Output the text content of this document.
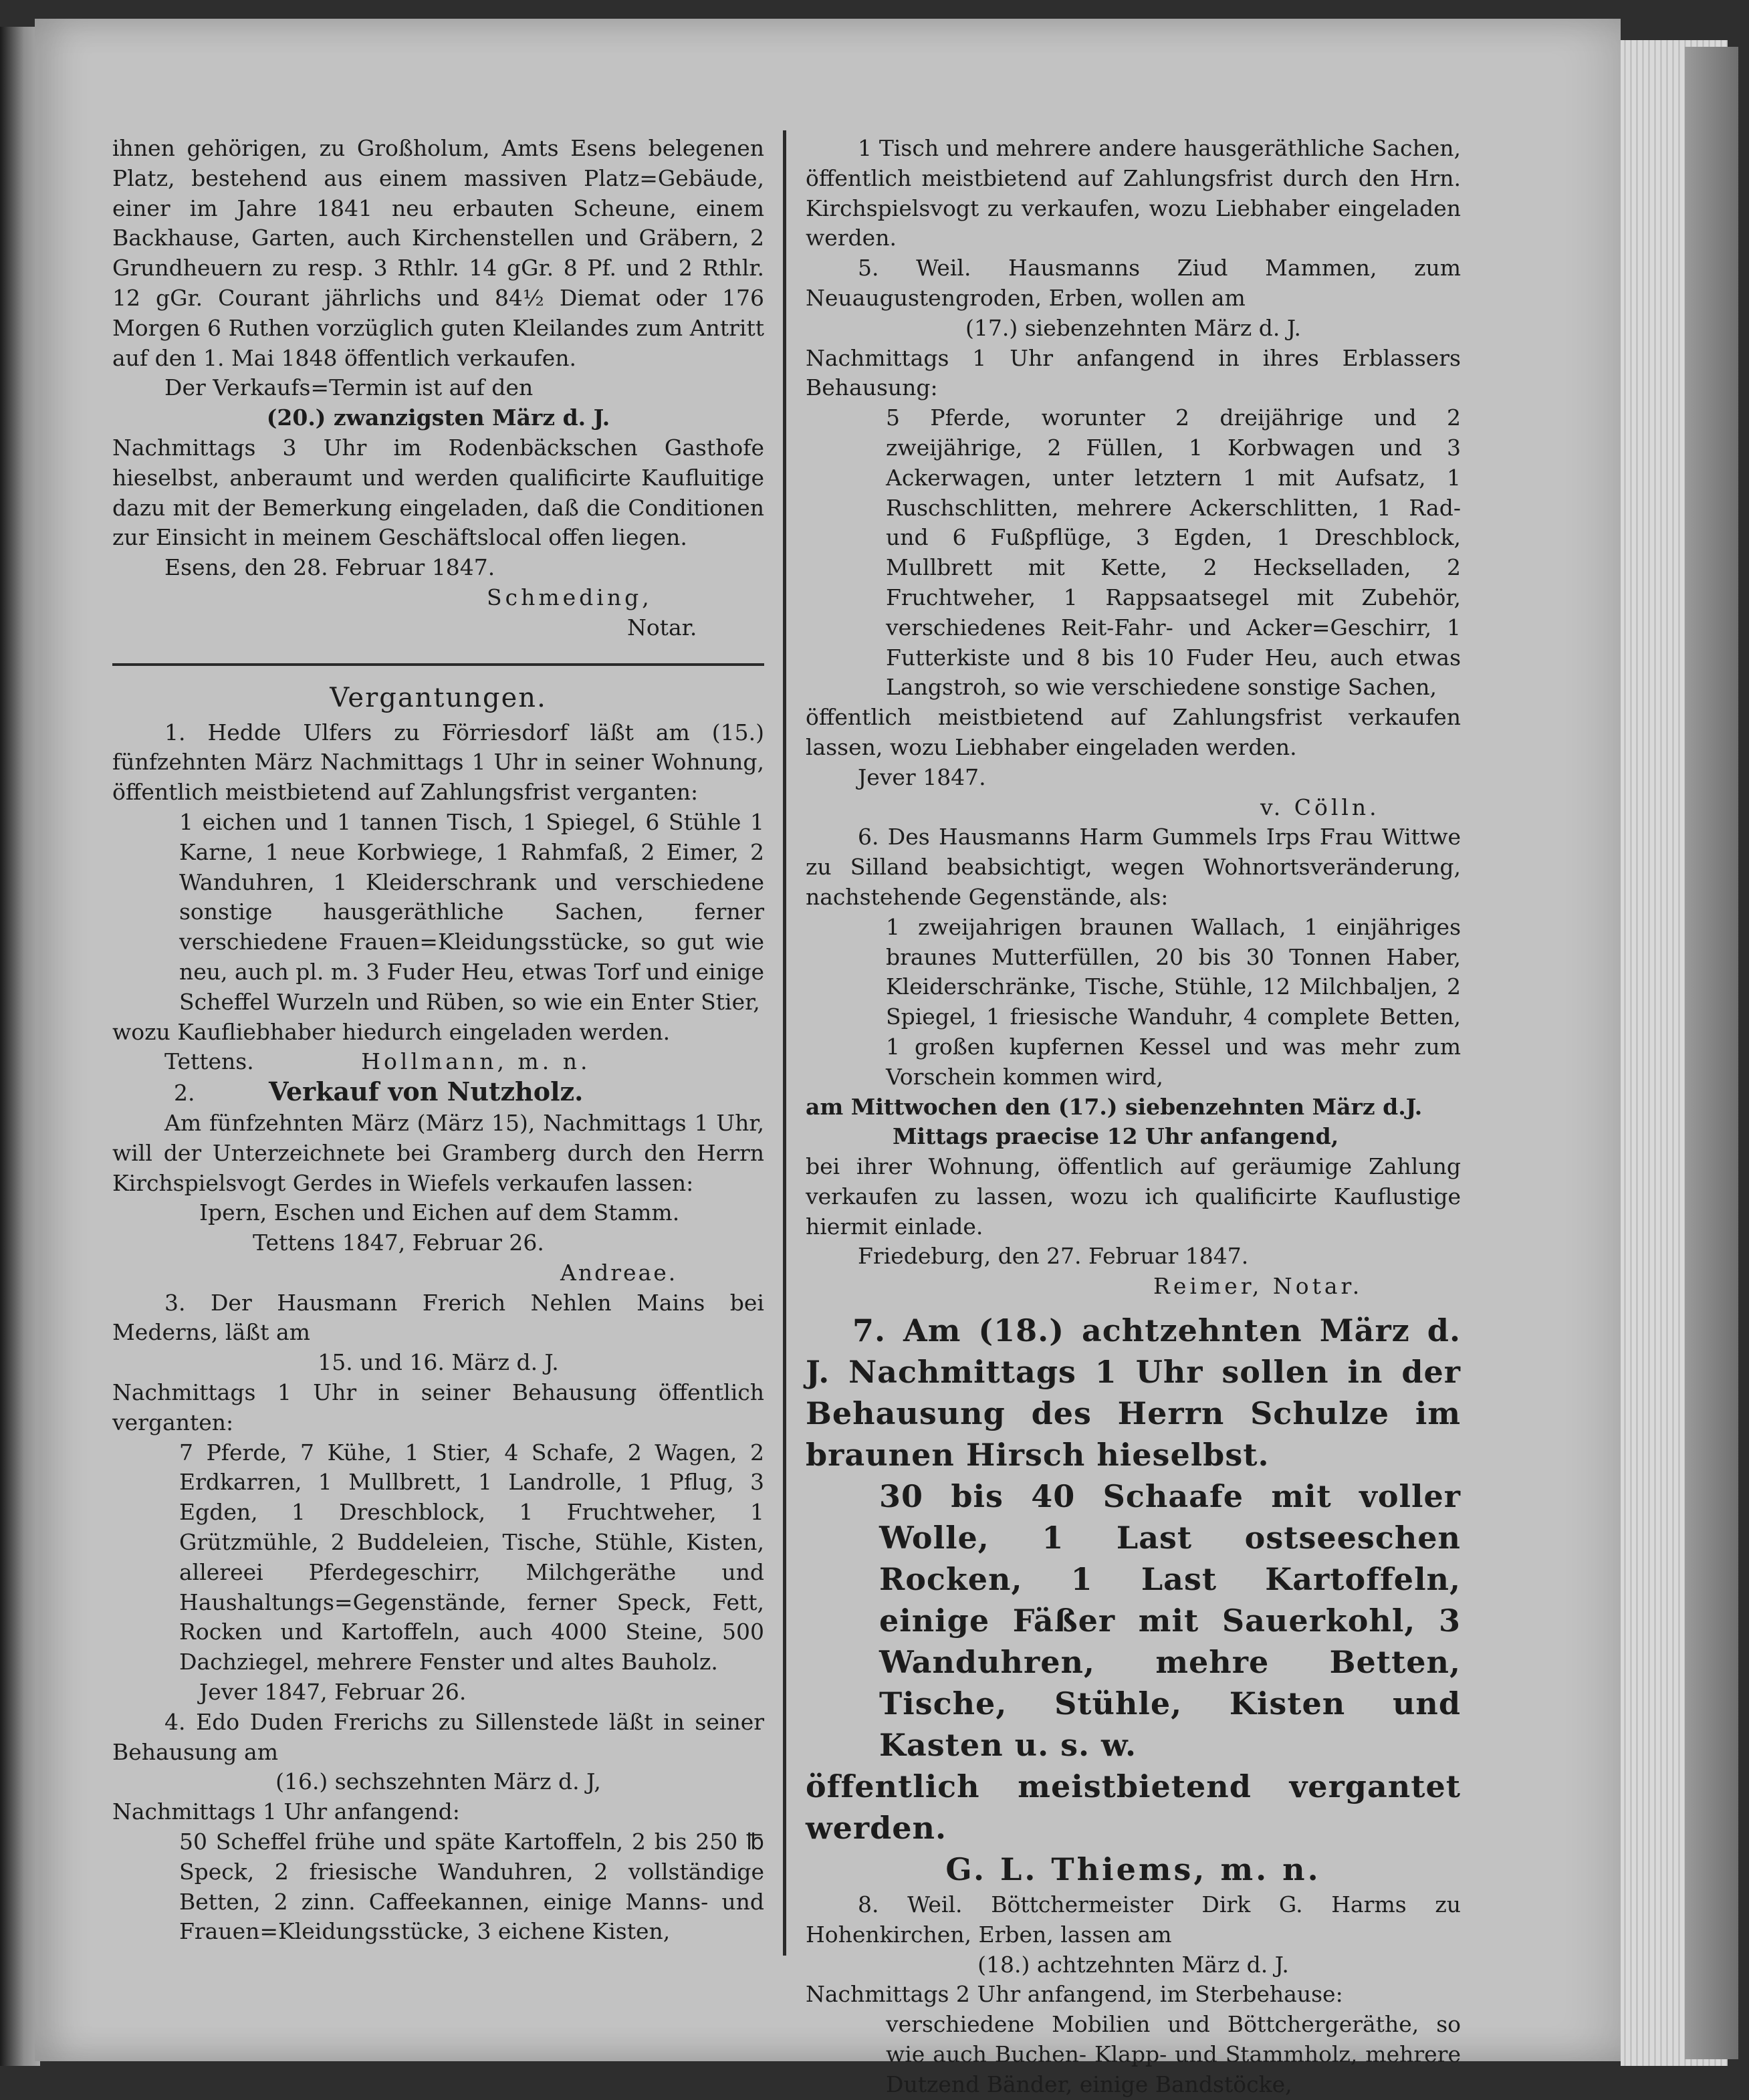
ihnen gehörigen, zu Großholum, Amts Esens belegenen Platz, bestehend aus einem massiven Platz=Gebäude, einer im Jahre 1841 neu erbauten Scheune, einem Backhause, Garten, auch Kirchenstellen und Gräbern, 2 Grundheuern zu resp. 3 Rthlr. 14 gGr. 8 Pf. und 2 Rthlr. 12 gGr. Courant jährlichs und 84½ Diemat oder 176 Morgen 6 Ruthen vorzüglich guten Kleilandes zum Antritt auf den 1. Mai 1848 öffentlich verkaufen.

Der Verkaufs=Termin ist auf den

(20.) zwanzigsten März d. J.

Nachmittags 3 Uhr im Rodenbäckschen Gasthofe hieselbst, anberaumt und werden qualificirte Kaufluitige dazu mit der Bemerkung eingeladen, daß die Conditionen zur Einsicht in meinem Geschäftslocal offen liegen.

Esens, den 28. Februar 1847.

Schmeding,

Notar.

Vergantungen.

1. Hedde Ulfers zu Förriesdorf läßt am (15.) fünfzehnten März Nachmittags 1 Uhr in seiner Wohnung, öffentlich meistbietend auf Zahlungsfrist verganten:

1 eichen und 1 tannen Tisch, 1 Spiegel, 6 Stühle 1 Karne, 1 neue Korbwiege, 1 Rahmfaß, 2 Eimer, 2 Wanduhren, 1 Kleiderschrank und verschiedene sonstige hausgeräthliche Sachen, ferner verschiedene Frauen=Kleidungsstücke, so gut wie neu, auch pl. m. 3 Fuder Heu, etwas Torf und einige Scheffel Wurzeln und Rüben, so wie ein Enter Stier,

wozu Kaufliebhaber hiedurch eingeladen werden.

Tettens.	Hollmann, m. n.

2.	Verkauf von Nutzholz.

Am fünfzehnten März (März 15), Nachmittags 1 Uhr, will der Unterzeichnete bei Gramberg durch den Herrn Kirchspielsvogt Gerdes in Wiefels verkaufen lassen:

Ipern, Eschen und Eichen auf dem Stamm.

Tettens 1847, Februar 26.

Andreae.

3. Der Hausmann Frerich Nehlen Mains bei Mederns, läßt am

15. und 16. März d. J.

Nachmittags 1 Uhr in seiner Behausung öffentlich verganten:

7 Pferde, 7 Kühe, 1 Stier, 4 Schafe, 2 Wagen, 2 Erdkarren, 1 Mullbrett, 1 Landrolle, 1 Pflug, 3 Egden, 1 Dreschblock, 1 Fruchtweher, 1 Grützmühle, 2 Buddeleien, Tische, Stühle, Kisten, allereei Pferdegeschirr, Milchgeräthe und Haushaltungs=Gegenstände, ferner Speck, Fett, Rocken und Kartoffeln, auch 4000 Steine, 500 Dachziegel, mehrere Fenster und altes Bauholz.

Jever 1847, Februar 26.

4. Edo Duden Frerichs zu Sillenstede läßt in seiner Behausung am

(16.) sechszehnten März d. J,

Nachmittags 1 Uhr anfangend:

50 Scheffel frühe und späte Kartoffeln, 2 bis 250 ℔ Speck, 2 friesische Wanduhren, 2 vollständige Betten, 2 zinn. Caffeekannen, einige Manns- und Frauen=Kleidungsstücke, 3 eichene Kisten,

1 Tisch und mehrere andere hausgeräthliche Sachen, öffentlich meistbietend auf Zahlungsfrist durch den Hrn. Kirchspielsvogt zu verkaufen, wozu Liebhaber eingeladen werden.

5. Weil. Hausmanns Ziud Mammen, zum Neuaugustengroden, Erben, wollen am

(17.) siebenzehnten März d. J.

Nachmittags 1 Uhr anfangend in ihres Erblassers Behausung:

5 Pferde, worunter 2 dreijährige und 2 zweijährige, 2 Füllen, 1 Korbwagen und 3 Ackerwagen, unter letztern 1 mit Aufsatz, 1 Ruschschlitten, mehrere Ackerschlitten, 1 Rad- und 6 Fußpflüge, 3 Egden, 1 Dreschblock, Mullbrett mit Kette, 2 Heckselladen, 2 Fruchtweher, 1 Rappsaatsegel mit Zubehör, verschiedenes Reit-Fahr- und Acker=Geschirr, 1 Futterkiste und 8 bis 10 Fuder Heu, auch etwas Langstroh, so wie verschiedene sonstige Sachen,

öffentlich meistbietend auf Zahlungsfrist verkaufen lassen, wozu Liebhaber eingeladen werden.

Jever 1847.

v. Cölln.

6. Des Hausmanns Harm Gummels Irps Frau Wittwe zu Silland beabsichtigt, wegen Wohnortsveränderung, nachstehende Gegenstände, als:

1 zweijahrigen braunen Wallach, 1 einjähriges braunes Mutterfüllen, 20 bis 30 Tonnen Haber, Kleiderschränke, Tische, Stühle, 12 Milchbaljen, 2 Spiegel, 1 friesische Wanduhr, 4 complete Betten, 1 großen kupfernen Kessel und was mehr zum Vorschein kommen wird,

am Mittwochen den (17.) siebenzehnten März d.J.

Mittags praecise 12 Uhr anfangend,

bei ihrer Wohnung, öffentlich auf geräumige Zahlung verkaufen zu lassen, wozu ich qualificirte Kauflustige hiermit einlade.

Friedeburg, den 27. Februar 1847.

Reimer, Notar.

7. Am (18.) achtzehnten März d. J. Nachmittags 1 Uhr sollen in der Behausung des Herrn Schulze im braunen Hirsch hieselbst.

30 bis 40 Schaafe mit voller Wolle, 1 Last ostseeschen Rocken, 1 Last Kartoffeln, einige Fäßer mit Sauerkohl, 3 Wanduhren, mehre Betten, Tische, Stühle, Kisten und Kasten u. s. w.

öffentlich meistbietend vergantet werden.

G. L. Thiems, m. n.

8. Weil. Böttchermeister Dirk G. Harms zu Hohenkirchen, Erben, lassen am

(18.) achtzehnten März d. J.

Nachmittags 2 Uhr anfangend, im Sterbehause:

verschiedene Mobilien und Böttchergeräthe, so wie auch Buchen- Klapp- und Stammholz, mehrere Dutzend Bänder, einige Bandstöcke,
